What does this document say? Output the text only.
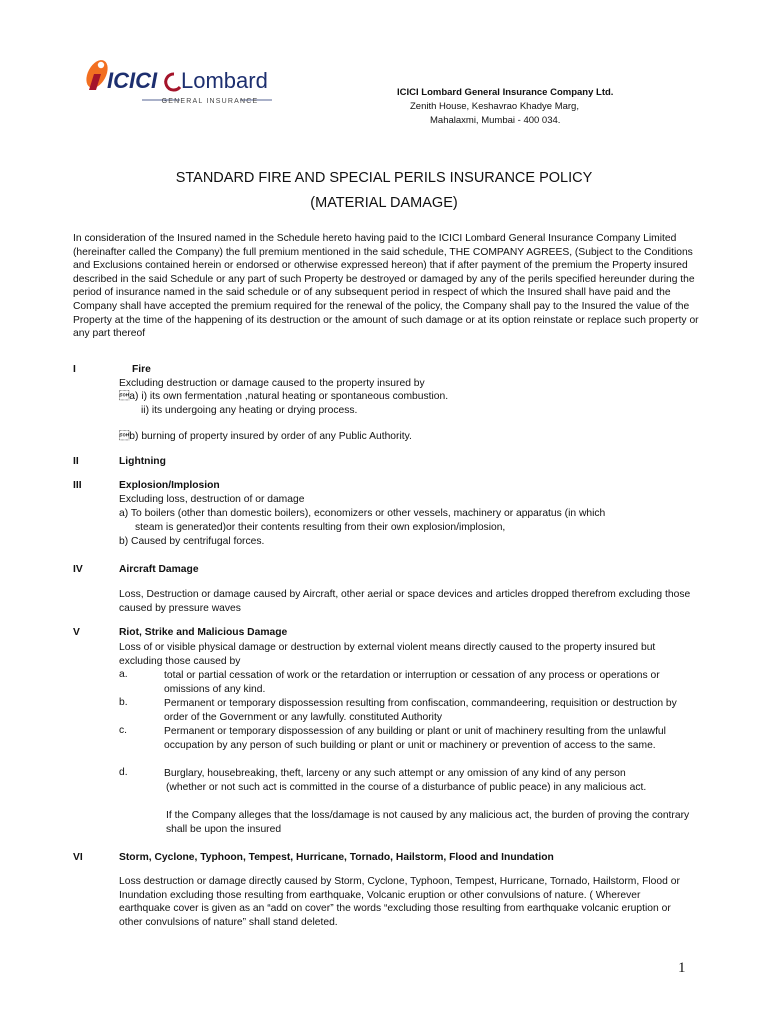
ICICI Lombard
GENERAL INSURANCE
ICICI Lombard General Insurance Company Ltd.
Zenith House, Keshavrao Khadye Marg,
Mahalaxmi, Mumbai - 400 034.
STANDARD FIRE AND SPECIAL PERILS INSURANCE POLICY
(MATERIAL DAMAGE)
In consideration of the Insured named in the Schedule hereto having paid to the ICICI Lombard General Insurance Company Limited (hereinafter called the Company) the full premium mentioned in the said schedule, THE COMPANY AGREES, (Subject to the Conditions and Exclusions contained herein or endorsed or otherwise expressed hereon) that if after payment of the premium the Property insured described in the said Schedule or any part of such Property be destroyed or damaged by any of the perils specified hereunder during the period of insurance named in the said schedule or of any subsequent period in respect of which the Insured shall have paid and the Company shall have accepted the premium required for the renewal of the policy, the Company shall pay to the Insured the value of the Property at the time of the happening of its destruction or the amount of such damage or at its option reinstate or replace such property or any part thereof
I	Fire
Excluding destruction or damage caused to the property insured by
a) i) its own fermentation ,natural heating or spontaneous combustion.
ii) its undergoing any heating or drying process.
b) burning of property insured by order of any Public Authority.
II	Lightning
III	Explosion/Implosion
Excluding loss, destruction of or damage
a) To boilers (other than domestic boilers), economizers or other vessels, machinery or apparatus (in which
steam is generated)or their contents resulting from their own explosion/implosion,
b) Caused by centrifugal forces.
IV	Aircraft Damage
Loss, Destruction or damage caused by Aircraft, other aerial or space devices and articles dropped therefrom excluding those caused by pressure waves
V	Riot, Strike and Malicious Damage
Loss of or visible physical damage or destruction by external violent means directly caused to the property insured but excluding those caused by
a.	total or partial cessation of work or the retardation or interruption or cessation of any process or operations or omissions of any kind.
b.	Permanent or temporary dispossession resulting from confiscation, commandeering, requisition or destruction by order of the Government or any lawfully. constituted Authority
c.	Permanent or temporary dispossession of any building or plant or unit of machinery resulting from the unlawful occupation by any person of such building or plant or unit or machinery or prevention of access to the same.
d.	Burglary, housebreaking, theft, larceny or any such attempt or any omission of any kind of any person
(whether or not such act is committed in the course of a disturbance of public peace) in any malicious act.
If the Company alleges that the loss/damage is not caused by any malicious act, the burden of proving the contrary shall be upon the insured
VI	Storm, Cyclone, Typhoon, Tempest, Hurricane, Tornado, Hailstorm, Flood and Inundation
Loss destruction or damage directly caused by Storm, Cyclone, Typhoon, Tempest, Hurricane, Tornado, Hailstorm, Flood or Inundation excluding those resulting from earthquake, Volcanic eruption or other convulsions of nature. ( Wherever earthquake cover is given as an “add on cover” the words “excluding those resulting from earthquake volcanic eruption or other convulsions of nature” shall stand deleted.
1
